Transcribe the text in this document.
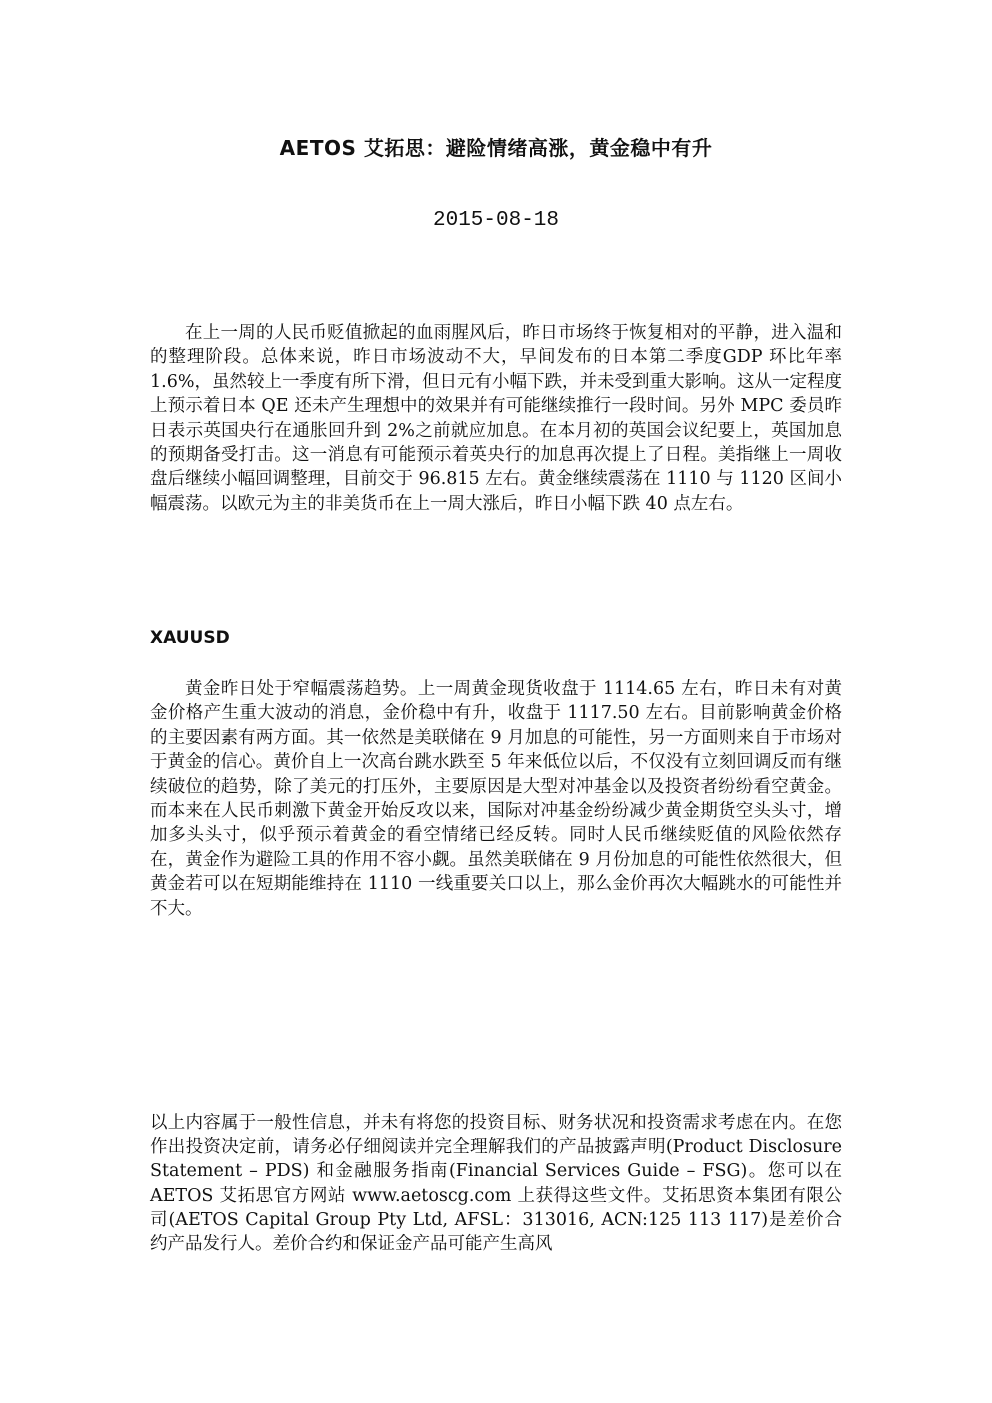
AETOS 艾拓思：避险情绪高涨，黄金稳中有升
2015-08-18

在上一周的人民币贬值掀起的血雨腥风后，昨日市场终于恢复相对的平静，进入温和的整理阶段。总体来说，昨日市场波动不大，早间发布的日本第二季度GDP 环比年率 1.6%，虽然较上一季度有所下滑，但日元有小幅下跌，并未受到重大影响。这从一定程度上预示着日本 QE 还未产生理想中的效果并有可能继续推行一段时间。另外 MPC 委员昨日表示英国央行在通胀回升到 2%之前就应加息。在本月初的英国会议纪要上，英国加息的预期备受打击。这一消息有可能预示着英央行的加息再次提上了日程。美指继上一周收盘后继续小幅回调整理，目前交于 96.815 左右。黄金继续震荡在 1110 与 1120 区间小幅震荡。以欧元为主的非美货币在上一周大涨后，昨日小幅下跌 40 点左右。

XAUUSD

黄金昨日处于窄幅震荡趋势。上一周黄金现货收盘于 1114.65 左右，昨日未有对黄金价格产生重大波动的消息，金价稳中有升，收盘于 1117.50 左右。目前影响黄金价格的主要因素有两方面。其一依然是美联储在 9 月加息的可能性，另一方面则来自于市场对于黄金的信心。黄价自上一次高台跳水跌至 5 年来低位以后，不仅没有立刻回调反而有继续破位的趋势，除了美元的打压外，主要原因是大型对冲基金以及投资者纷纷看空黄金。而本来在人民币刺激下黄金开始反攻以来，国际对冲基金纷纷减少黄金期货空头头寸，增加多头头寸，似乎预示着黄金的看空情绪已经反转。同时人民币继续贬值的风险依然存在，黄金作为避险工具的作用不容小觑。虽然美联储在 9 月份加息的可能性依然很大，但黄金若可以在短期能维持在 1110 一线重要关口以上，那么金价再次大幅跳水的可能性并不大。

以上内容属于一般性信息，并未有将您的投资目标、财务状况和投资需求考虑在内。在您作出投资决定前，请务必仔细阅读并完全理解我们的产品披露声明(Product Disclosure Statement – PDS) 和金融服务指南(Financial Services Guide – FSG)。您可以在 AETOS 艾拓思官方网站 www.aetoscg.com 上获得这些文件。艾拓思资本集团有限公司(AETOS Capital Group Pty Ltd, AFSL：313016, ACN:125 113 117)是差价合约产品发行人。差价合约和保证金产品可能产生高风
